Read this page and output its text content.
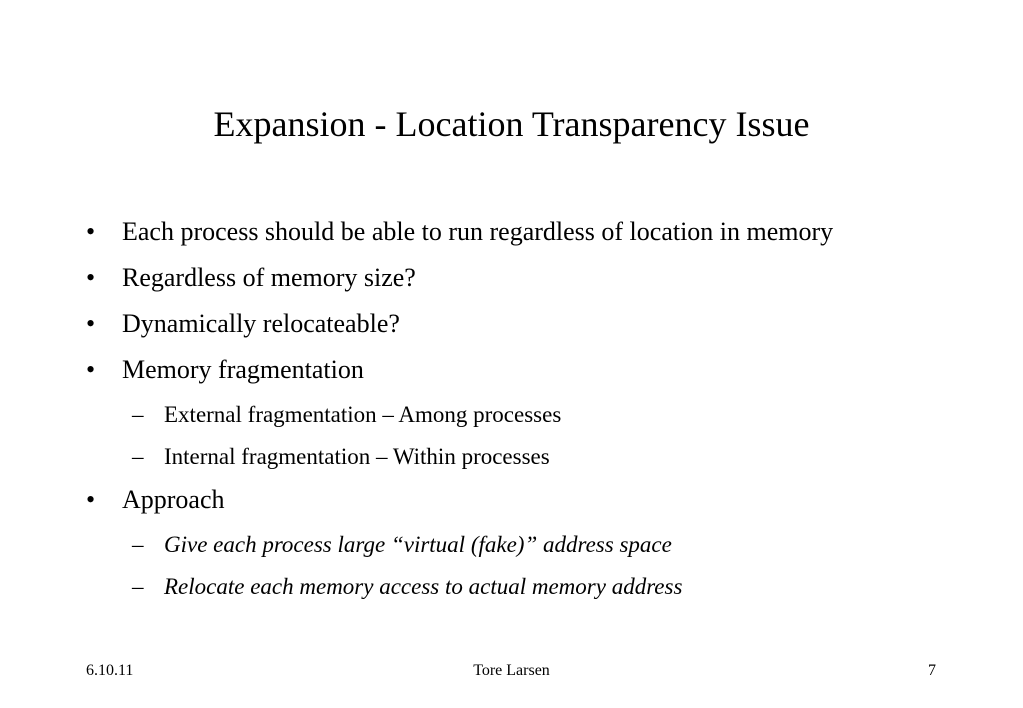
Expansion - Location Transparency Issue
• Each process should be able to run regardless of location in memory
• Regardless of memory size?
• Dynamically relocateable?
• Memory fragmentation
– External fragmentation – Among processes
– Internal fragmentation – Within processes
• Approach
– Give each process large “virtual (fake)” address space
– Relocate each memory access to actual memory address
6.10.11	Tore Larsen	7
